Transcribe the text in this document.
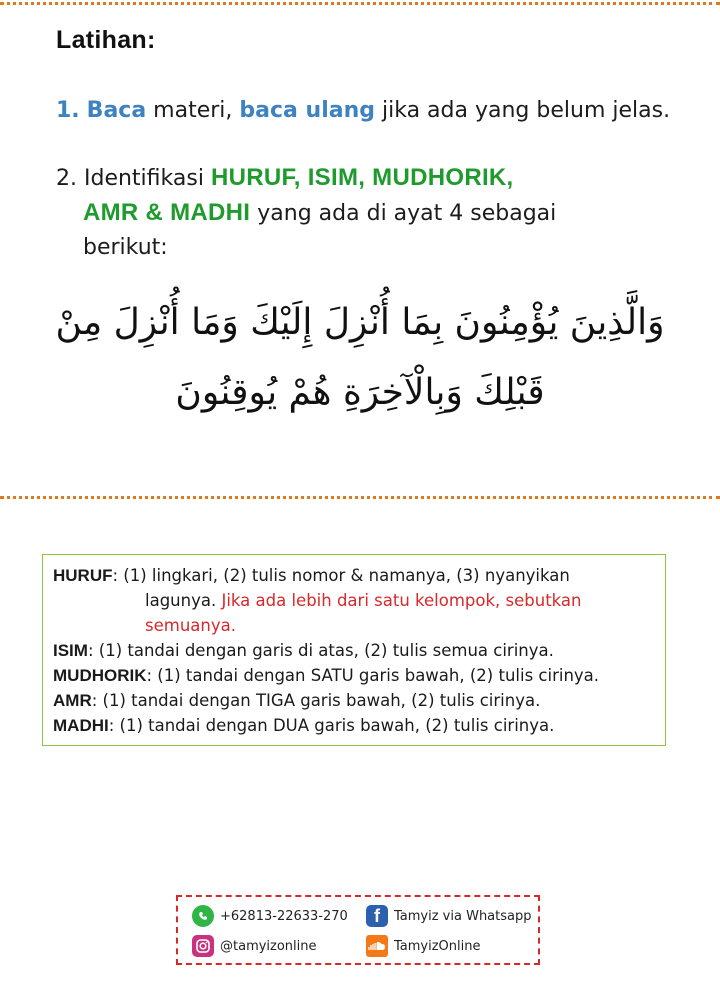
Latihan:
1. Baca materi, baca ulang jika ada yang belum jelas.
2. Identifikasi HURUF, ISIM, MUDHORIK,
AMR & MADHI yang ada di ayat 4 sebagai
berikut:
وَالَّذِينَ يُؤْمِنُونَ بِمَا أُنْزِلَ إِلَيْكَ وَمَا أُنْزِلَ مِنْ
قَبْلِكَ وَبِالْآخِرَةِ هُمْ يُوقِنُونَ
HURUF: (1) lingkari, (2) tulis nomor & namanya, (3) nyanyikan
lagunya. Jika ada lebih dari satu kelompok, sebutkan
semuanya.
ISIM: (1) tandai dengan garis di atas, (2) tulis semua cirinya.
MUDHORIK: (1) tandai dengan SATU garis bawah, (2) tulis cirinya.
AMR: (1) tandai dengan TIGA garis bawah, (2) tulis cirinya.
MADHI: (1) tandai dengan DUA garis bawah, (2) tulis cirinya.
+62813-22633-270	f	Tamyiz via Whatsapp
@tamyizonline	TamyizOnline
